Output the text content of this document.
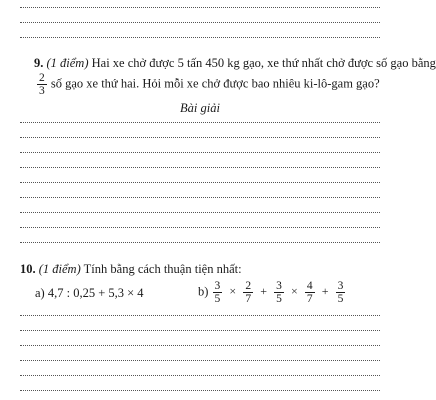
9. (1 điểm) Hai xe chở được 5 tấn 450 kg gạo, xe thứ nhất chở được số gạo bằng
$\frac{2}{3}$ số gạo xe thứ hai. Hỏi mỗi xe chở được bao nhiêu ki-lô-gam gạo?
Bài giải
10. (1 điểm) Tính bằng cách thuận tiện nhất:
a) 4,7 : 0,25 + 5,3 × 4	$b) \frac{3}{5} \times \frac{2}{7} + \frac{3}{5} \times \frac{4}{7} + \frac{3}{5}$
